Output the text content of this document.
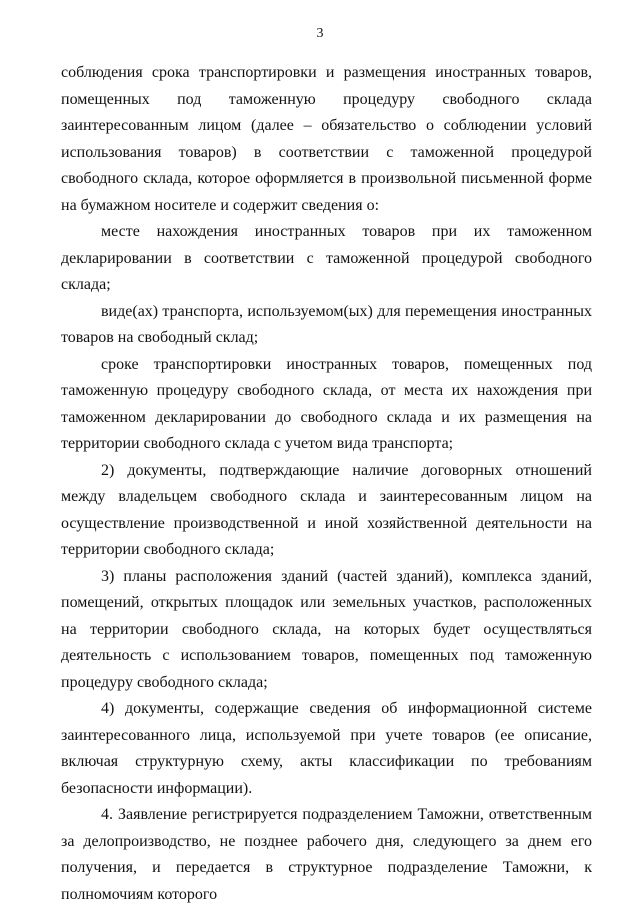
3

соблюдения срока транспортировки и размещения иностранных товаров, помещенных под таможенную процедуру свободного склада заинтересованным лицом (далее – обязательство о соблюдении условий использования товаров) в соответствии с таможенной процедурой свободного склада, которое оформляется в произвольной письменной форме на бумажном носителе и содержит сведения о:

месте нахождения иностранных товаров при их таможенном декларировании в соответствии с таможенной процедурой свободного склада;

виде(ах) транспорта, используемом(ых) для перемещения иностранных товаров на свободный склад;

сроке транспортировки иностранных товаров, помещенных под таможенную процедуру свободного склада, от места их нахождения при таможенном декларировании до свободного склада и их размещения на территории свободного склада с учетом вида транспорта;

2) документы, подтверждающие наличие договорных отношений между владельцем свободного склада и заинтересованным лицом на осуществление производственной и иной хозяйственной деятельности на территории свободного склада;

3) планы расположения зданий (частей зданий), комплекса зданий, помещений, открытых площадок или земельных участков, расположенных на территории свободного склада, на которых будет осуществляться деятельность с использованием товаров, помещенных под таможенную процедуру свободного склада;

4) документы, содержащие сведения об информационной системе заинтересованного лица, используемой при учете товаров (ее описание, включая структурную схему, акты классификации по требованиям безопасности информации).

4. Заявление регистрируется подразделением Таможни, ответственным за делопроизводство, не позднее рабочего дня, следующего за днем его получения, и передается в структурное подразделение Таможни, к полномочиям которого
